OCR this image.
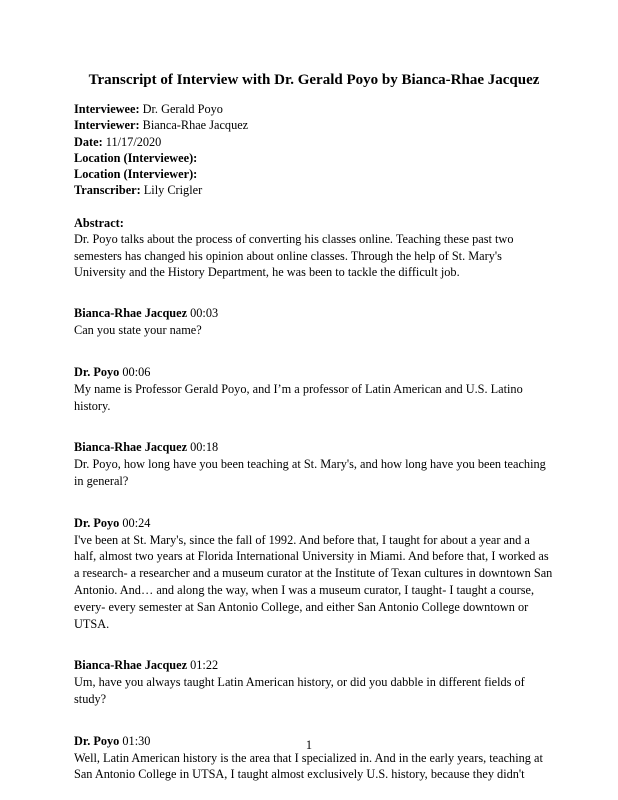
Transcript of Interview with Dr. Gerald Poyo by Bianca-Rhae Jacquez
Interviewee: Dr. Gerald Poyo
Interviewer: Bianca-Rhae Jacquez
Date: 11/17/2020
Location (Interviewee):
Location (Interviewer):
Transcriber: Lily Crigler
Abstract:
Dr. Poyo talks about the process of converting his classes online. Teaching these past two semesters has changed his opinion about online classes. Through the help of St. Mary's University and the History Department, he was been to tackle the difficult job.
Bianca-Rhae Jacquez 00:03
Can you state your name?
Dr. Poyo 00:06
My name is Professor Gerald Poyo, and I’m a professor of Latin American and U.S. Latino history.
Bianca-Rhae Jacquez 00:18
Dr. Poyo, how long have you been teaching at St. Mary's, and how long have you been teaching in general?
Dr. Poyo 00:24
I've been at St. Mary's, since the fall of 1992. And before that, I taught for about a year and a half, almost two years at Florida International University in Miami. And before that, I worked as a research- a researcher and a museum curator at the Institute of Texan cultures in downtown San Antonio. And… and along the way, when I was a museum curator, I taught- I taught a course, every- every semester at San Antonio College, and either San Antonio College downtown or UTSA.
Bianca-Rhae Jacquez 01:22
Um, have you always taught Latin American history, or did you dabble in different fields of study?
Dr. Poyo 01:30
Well, Latin American history is the area that I specialized in. And in the early years, teaching at San Antonio College in UTSA, I taught almost exclusively U.S. history, because they didn't
1
